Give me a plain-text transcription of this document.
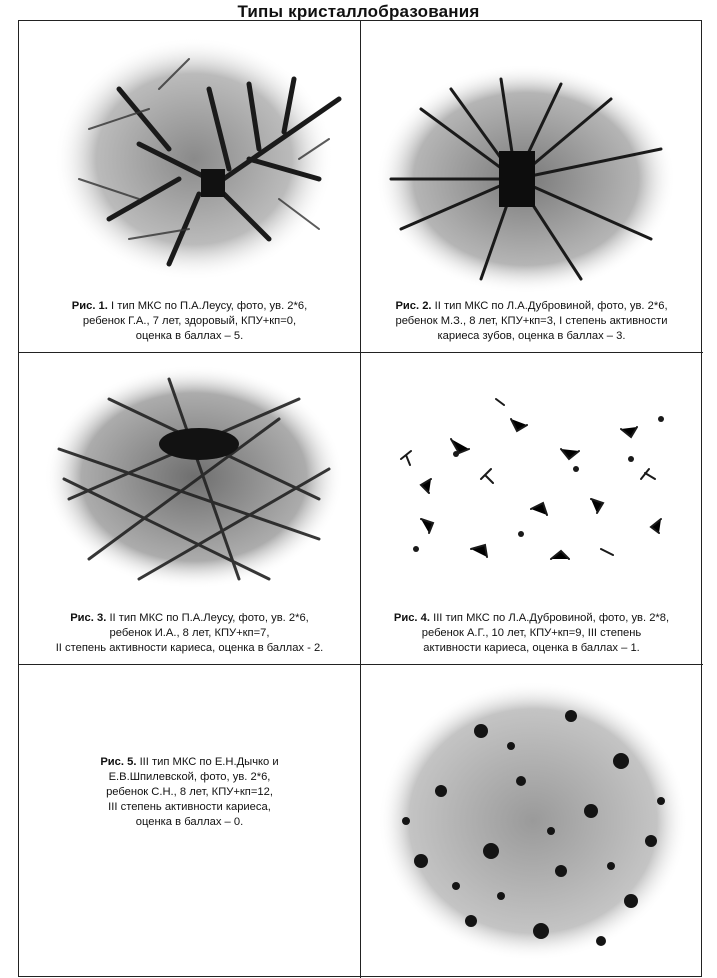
Типы кристаллобразования
Рис. 1. I тип МКС по П.А.Леусу, фото, ув. 2*6,
ребенок Г.А., 7 лет, здоровый, КПУ+кп=0,
оценка в баллах – 5.
Рис. 2. II тип МКС по Л.А.Дубровиной, фото, ув. 2*6,
ребенок М.З., 8 лет, КПУ+кп=3, I степень активности
кариеса зубов, оценка в баллах – 3.
Рис. 3. II тип МКС по П.А.Леусу, фото, ув. 2*6,
ребенок И.А., 8 лет, КПУ+кп=7,
II степень активности кариеса, оценка в баллах - 2.
Рис. 4. III тип МКС по Л.А.Дубровиной, фото, ув. 2*8,
ребенок А.Г., 10 лет, КПУ+кп=9, III степень
активности кариеса, оценка в баллах – 1.
Рис. 5. III тип МКС по Е.Н.Дычко и
Е.В.Шпилевской, фото, ув. 2*6,
ребенок С.Н., 8 лет, КПУ+кп=12,
III степень активности кариеса,
оценка в баллах – 0.
